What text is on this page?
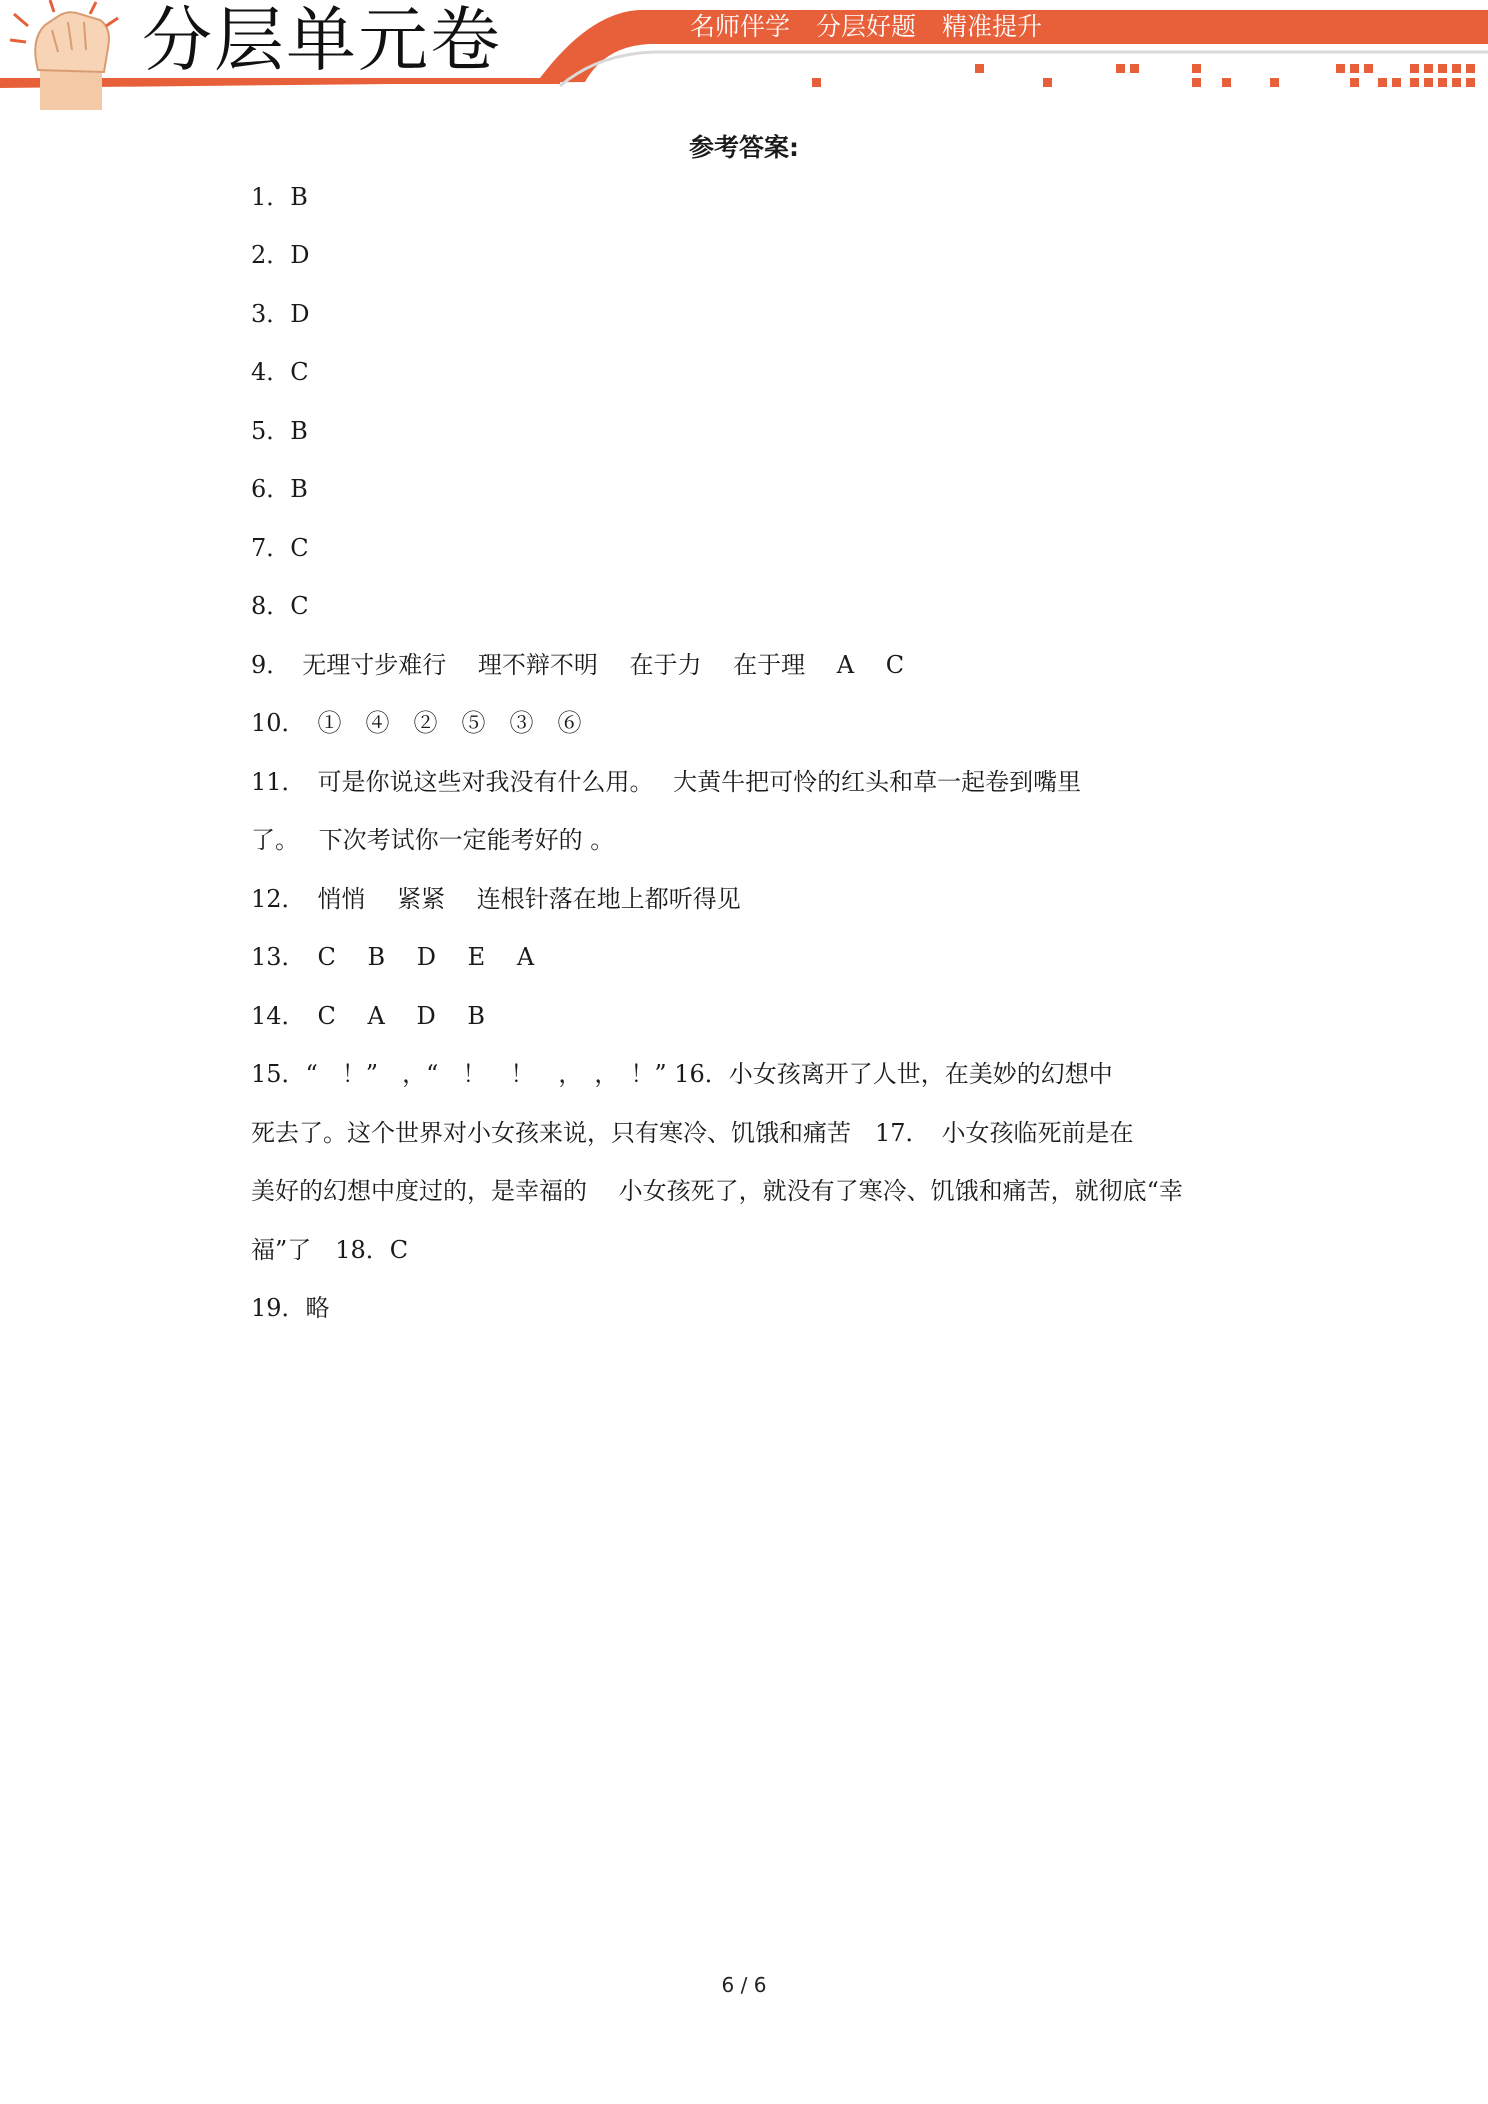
分层单元卷	名师伴学 分层好题 精准提升
参考答案:
1．B
2．D
3．D
4．C
5．B
6．B
7．C
8．C
9．　无理寸步难行　 理不辩不明　 在于力　 在于理　 A　 C
10．　①　④　②　⑤　③　⑥
11．　可是你说这些对我没有什么用。　 大黄牛把可怜的红头和草一起卷到嘴里
了。　 下次考试你一定能考好的 。
12．　悄悄　 紧紧　 连根针落在地上都听得见
13．　C　 B　 D　 E　 A
14．　C　 A　 D　 B
15．“　！”　，“　！　！　，　，　！” 16．小女孩离开了人世，在美妙的幻想中
死去了。这个世界对小女孩来说，只有寒冷、饥饿和痛苦　17．　小女孩临死前是在
美好的幻想中度过的，是幸福的　 小女孩死了，就没有了寒冷、饥饿和痛苦，就彻底“幸
福”了　18．C
19．略
6 / 6
